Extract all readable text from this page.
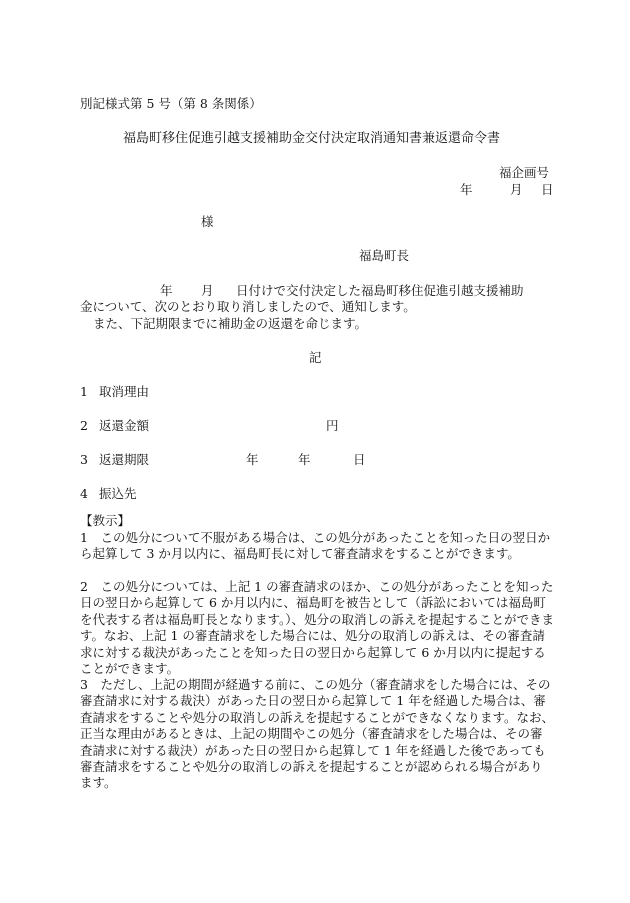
別記様式第 5 号（第 8 条関係）
福島町移住促進引越支援補助金交付決定取消通知書兼返還命令書
福企画号
年	月 日
様
福島町長
年 月 日付けで交付決定した福島町移住促進引越支援補助
金について、次のとおり取り消しましたので、通知します。
また、下記期限までに補助金の返還を命じます。
記
1 取消理由
2 返還金額	円
3 返還期限	年	年	日
4 振込先
【教示】

1　この処分について不服がある場合は、この処分があったことを知った日の翌日から起算して 3 か月以内に、福島町長に対して審査請求をすることができます。

2　この処分については、上記 1 の審査請求のほか、この処分があったことを知った日の翌日から起算して 6 か月以内に、福島町を被告として（訴訟においては福島町を代表する者は福島町長となります。）、処分の取消しの訴えを提起することができます。なお、上記 1 の審査請求をした場合には、処分の取消しの訴えは、その審査請求に対する裁決があったことを知った日の翌日から起算して 6 か月以内に提起することができます。

3　ただし、上記の期間が経過する前に、この処分（審査請求をした場合には、その審査請求に対する裁決）があった日の翌日から起算して 1 年を経過した場合は、審査請求をすることや処分の取消しの訴えを提起することができなくなります。なお、正当な理由があるときは、上記の期間やこの処分（審査請求をした場合は、その審査請求に対する裁決）があった日の翌日から起算して 1 年を経過した後であっても審査請求をすることや処分の取消しの訴えを提起することが認められる場合があります。
